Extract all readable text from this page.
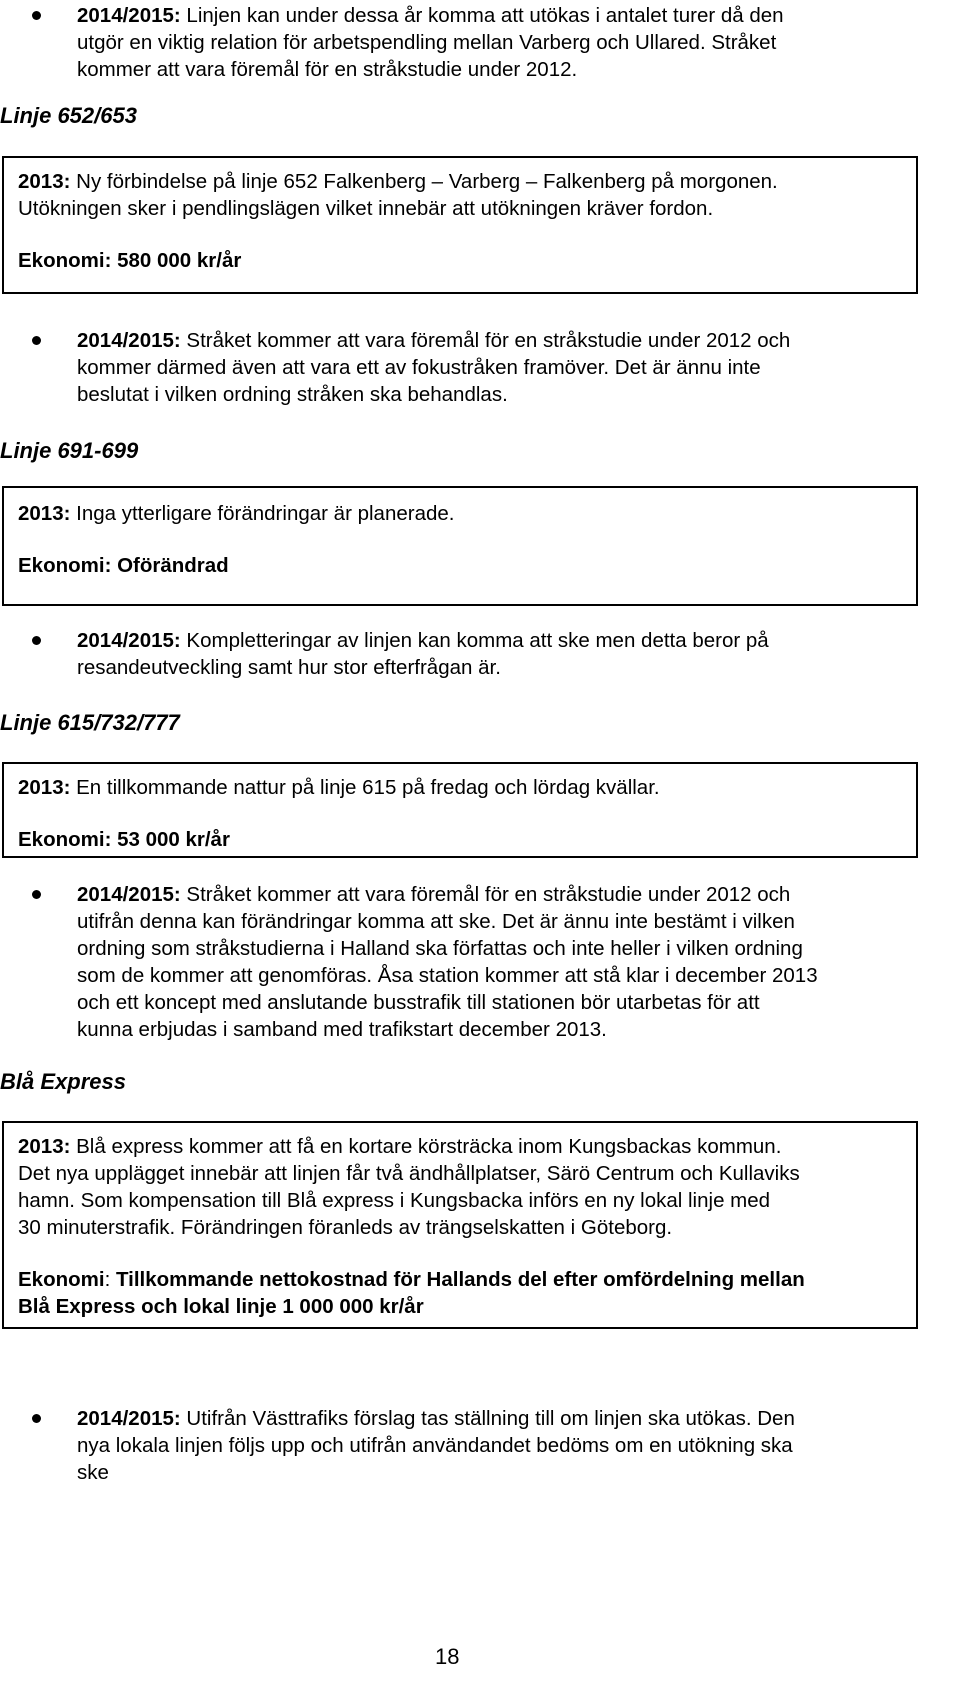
2014/2015: Linjen kan under dessa år komma att utökas i antalet turer då den
utgör en viktig relation för arbetspendling mellan Varberg och Ullared. Stråket
kommer att vara föremål för en stråkstudie under 2012.
Linje 652/653

2013: Ny förbindelse på linje 652 Falkenberg – Varberg – Falkenberg på morgonen.

Utökningen sker i pendlingslägen vilket innebär att utökningen kräver fordon.

Ekonomi: 580 000 kr/år

2014/2015: Stråket kommer att vara föremål för en stråkstudie under 2012 och
kommer därmed även att vara ett av fokustråken framöver. Det är ännu inte
beslutat i vilken ordning stråken ska behandlas.
Linje 691-699

2013: Inga ytterligare förändringar är planerade.

Ekonomi: Oförändrad

2014/2015: Kompletteringar av linjen kan komma att ske men detta beror på
resandeutveckling samt hur stor efterfrågan är.
Linje 615/732/777

2013: En tillkommande nattur på linje 615 på fredag och lördag kvällar.

Ekonomi: 53 000 kr/år

2014/2015: Stråket kommer att vara föremål för en stråkstudie under 2012 och
utifrån denna kan förändringar komma att ske. Det är ännu inte bestämt i vilken
ordning som stråkstudierna i Halland ska författas och inte heller i vilken ordning
som de kommer att genomföras. Åsa station kommer att stå klar i december 2013
och ett koncept med anslutande busstrafik till stationen bör utarbetas för att
kunna erbjudas i samband med trafikstart december 2013.
Blå Express

2013: Blå express kommer att få en kortare körsträcka inom Kungsbackas kommun.

Det nya upplägget innebär att linjen får två ändhållplatser, Särö Centrum och Kullaviks

hamn. Som kompensation till Blå express i Kungsbacka införs en ny lokal linje med

30 minuterstrafik. Förändringen föranleds av trängselskatten i Göteborg.

Ekonomi: Tillkommande nettokostnad för Hallands del efter omfördelning mellan

Blå Express och lokal linje 1 000 000 kr/år

2014/2015: Utifrån Västtrafiks förslag tas ställning till om linjen ska utökas. Den
nya lokala linjen följs upp och utifrån användandet bedöms om en utökning ska
ske
18
